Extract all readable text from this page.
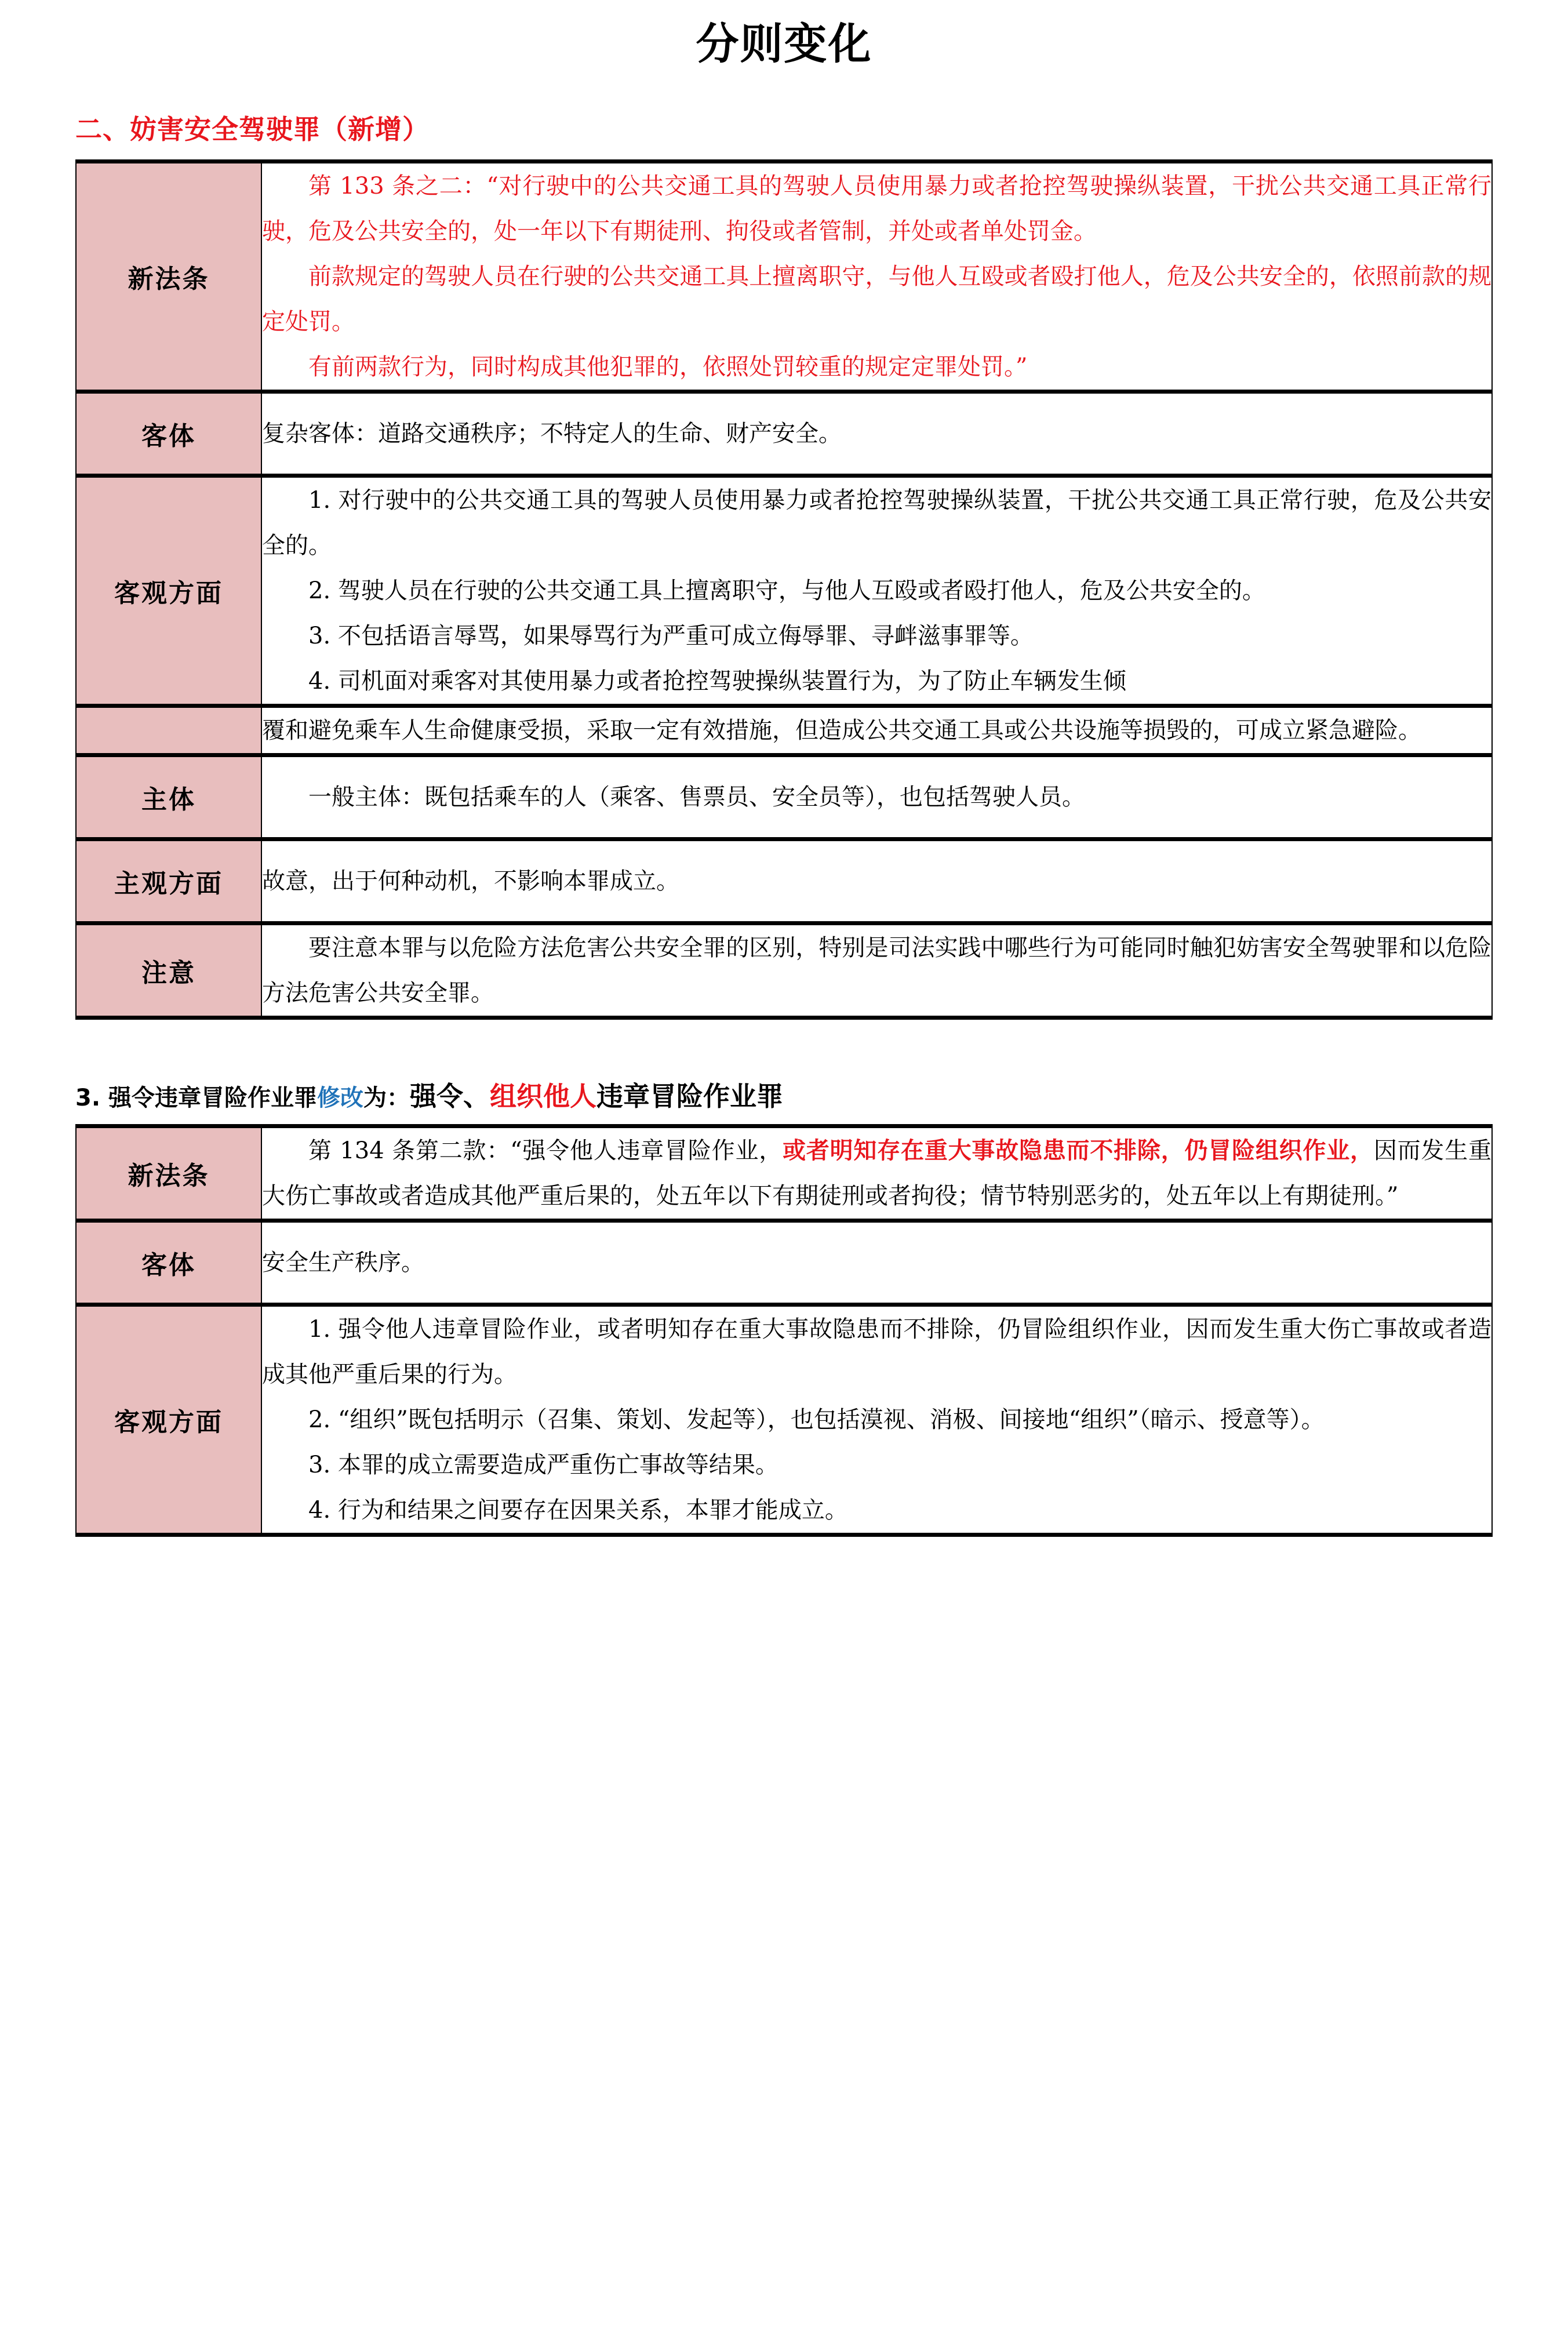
分则变化
二、妨害安全驾驶罪（新增）
新法条	第 133 条之二：“对行驶中的公共交通工具的驾驶人员使用暴力或者抢控驾驶操纵装置，干扰公共交通工具正常行驶，危及公共安全的，处一年以下有期徒刑、拘役或者管制，并处或者单处罚金。

前款规定的驾驶人员在行驶的公共交通工具上擅离职守，与他人互殴或者殴打他人，危及公共安全的，依照前款的规定处罚。

有前两款行为，同时构成其他犯罪的，依照处罚较重的规定定罪处罚。”

客体	复杂客体：道路交通秩序；不特定人的生命、财产安全。

客观方面	1. 对行驶中的公共交通工具的驾驶人员使用暴力或者抢控驾驶操纵装置，干扰公共交通工具正常行驶，危及公共安全的。

2. 驾驶人员在行驶的公共交通工具上擅离职守，与他人互殴或者殴打他人，危及公共安全的。

3. 不包括语言辱骂，如果辱骂行为严重可成立侮辱罪、寻衅滋事罪等。

4. 司机面对乘客对其使用暴力或者抢控驾驶操纵装置行为，为了防止车辆发生倾

	覆和避免乘车人生命健康受损，采取一定有效措施，但造成公共交通工具或公共设施等损毁的，可成立紧急避险。

主体	一般主体：既包括乘车的人（乘客、售票员、安全员等），也包括驾驶人员。

主观方面	故意，出于何种动机，不影响本罪成立。

注意	要注意本罪与以危险方法危害公共安全罪的区别，特别是司法实践中哪些行为可能同时触犯妨害安全驾驶罪和以危险方法危害公共安全罪。

3. 强令违章冒险作业罪修改为：强令、组织他人违章冒险作业罪
新法条	第 134 条第二款：“强令他人违章冒险作业，或者明知存在重大事故隐患而不排除，仍冒险组织作业，因而发生重大伤亡事故或者造成其他严重后果的，处五年以下有期徒刑或者拘役；情节特别恶劣的，处五年以上有期徒刑。”

客体	安全生产秩序。

客观方面	1. 强令他人违章冒险作业，或者明知存在重大事故隐患而不排除，仍冒险组织作业，因而发生重大伤亡事故或者造成其他严重后果的行为。

2. “组织”既包括明示（召集、策划、发起等），也包括漠视、消极、间接地“组织”（暗示、授意等）。

3. 本罪的成立需要造成严重伤亡事故等结果。

4. 行为和结果之间要存在因果关系，本罪才能成立。
